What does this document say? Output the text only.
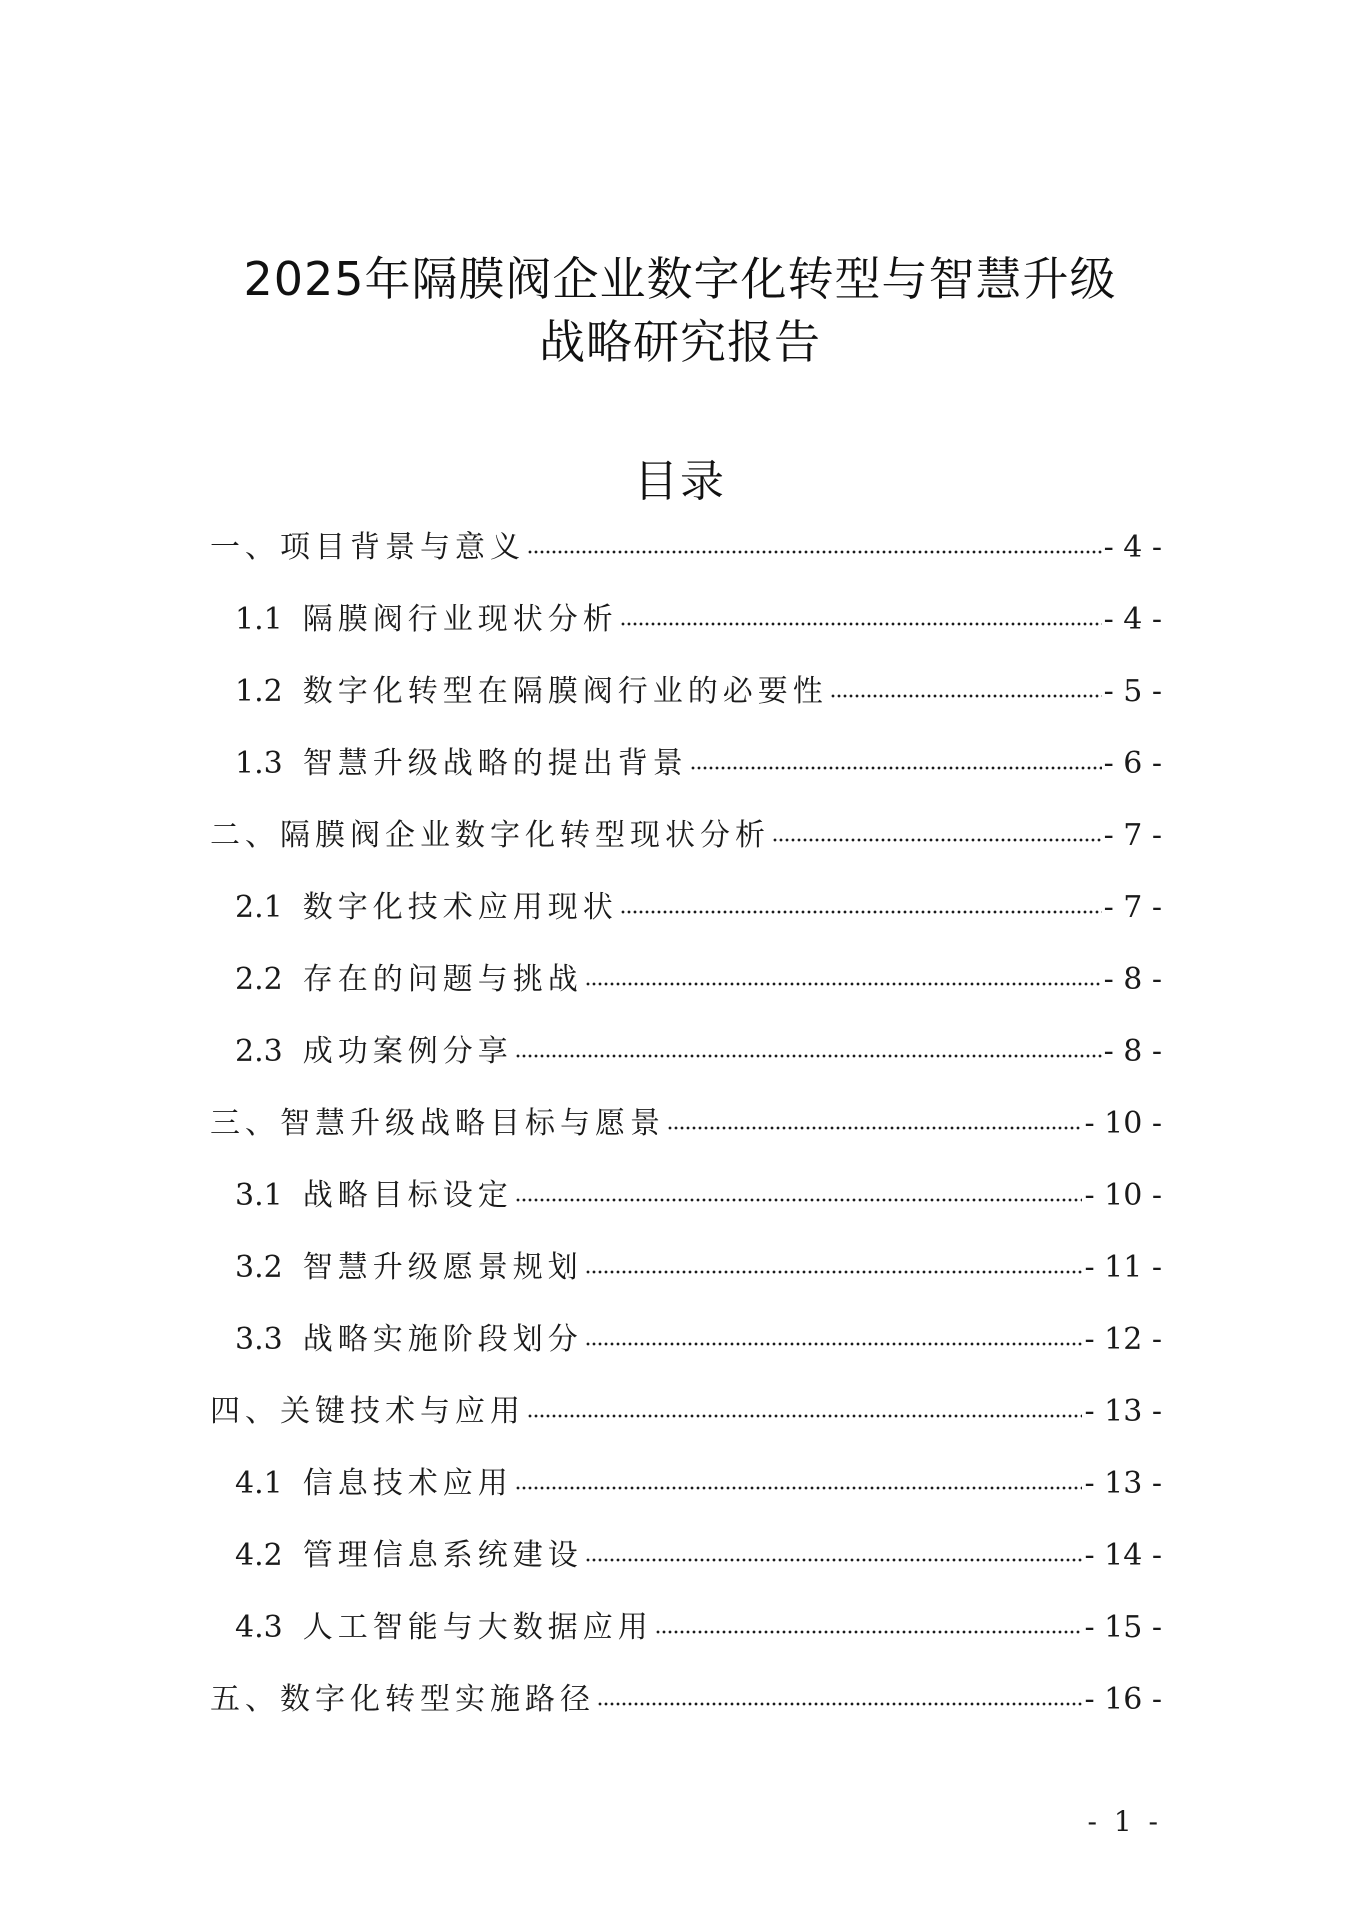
2025年隔膜阀企业数字化转型与智慧升级
战略研究报告
目录
一、项目背景与意义	- 4 -
1.1 隔膜阀行业现状分析	- 4 -
1.2 数字化转型在隔膜阀行业的必要性	- 5 -
1.3 智慧升级战略的提出背景	- 6 -
二、隔膜阀企业数字化转型现状分析	- 7 -
2.1 数字化技术应用现状	- 7 -
2.2 存在的问题与挑战	- 8 -
2.3 成功案例分享	- 8 -
三、智慧升级战略目标与愿景	- 10 -
3.1 战略目标设定	- 10 -
3.2 智慧升级愿景规划	- 11 -
3.3 战略实施阶段划分	- 12 -
四、关键技术与应用	- 13 -
4.1 信息技术应用	- 13 -
4.2 管理信息系统建设	- 14 -
4.3 人工智能与大数据应用	- 15 -
五、数字化转型实施路径	- 16 -
- 1 -
